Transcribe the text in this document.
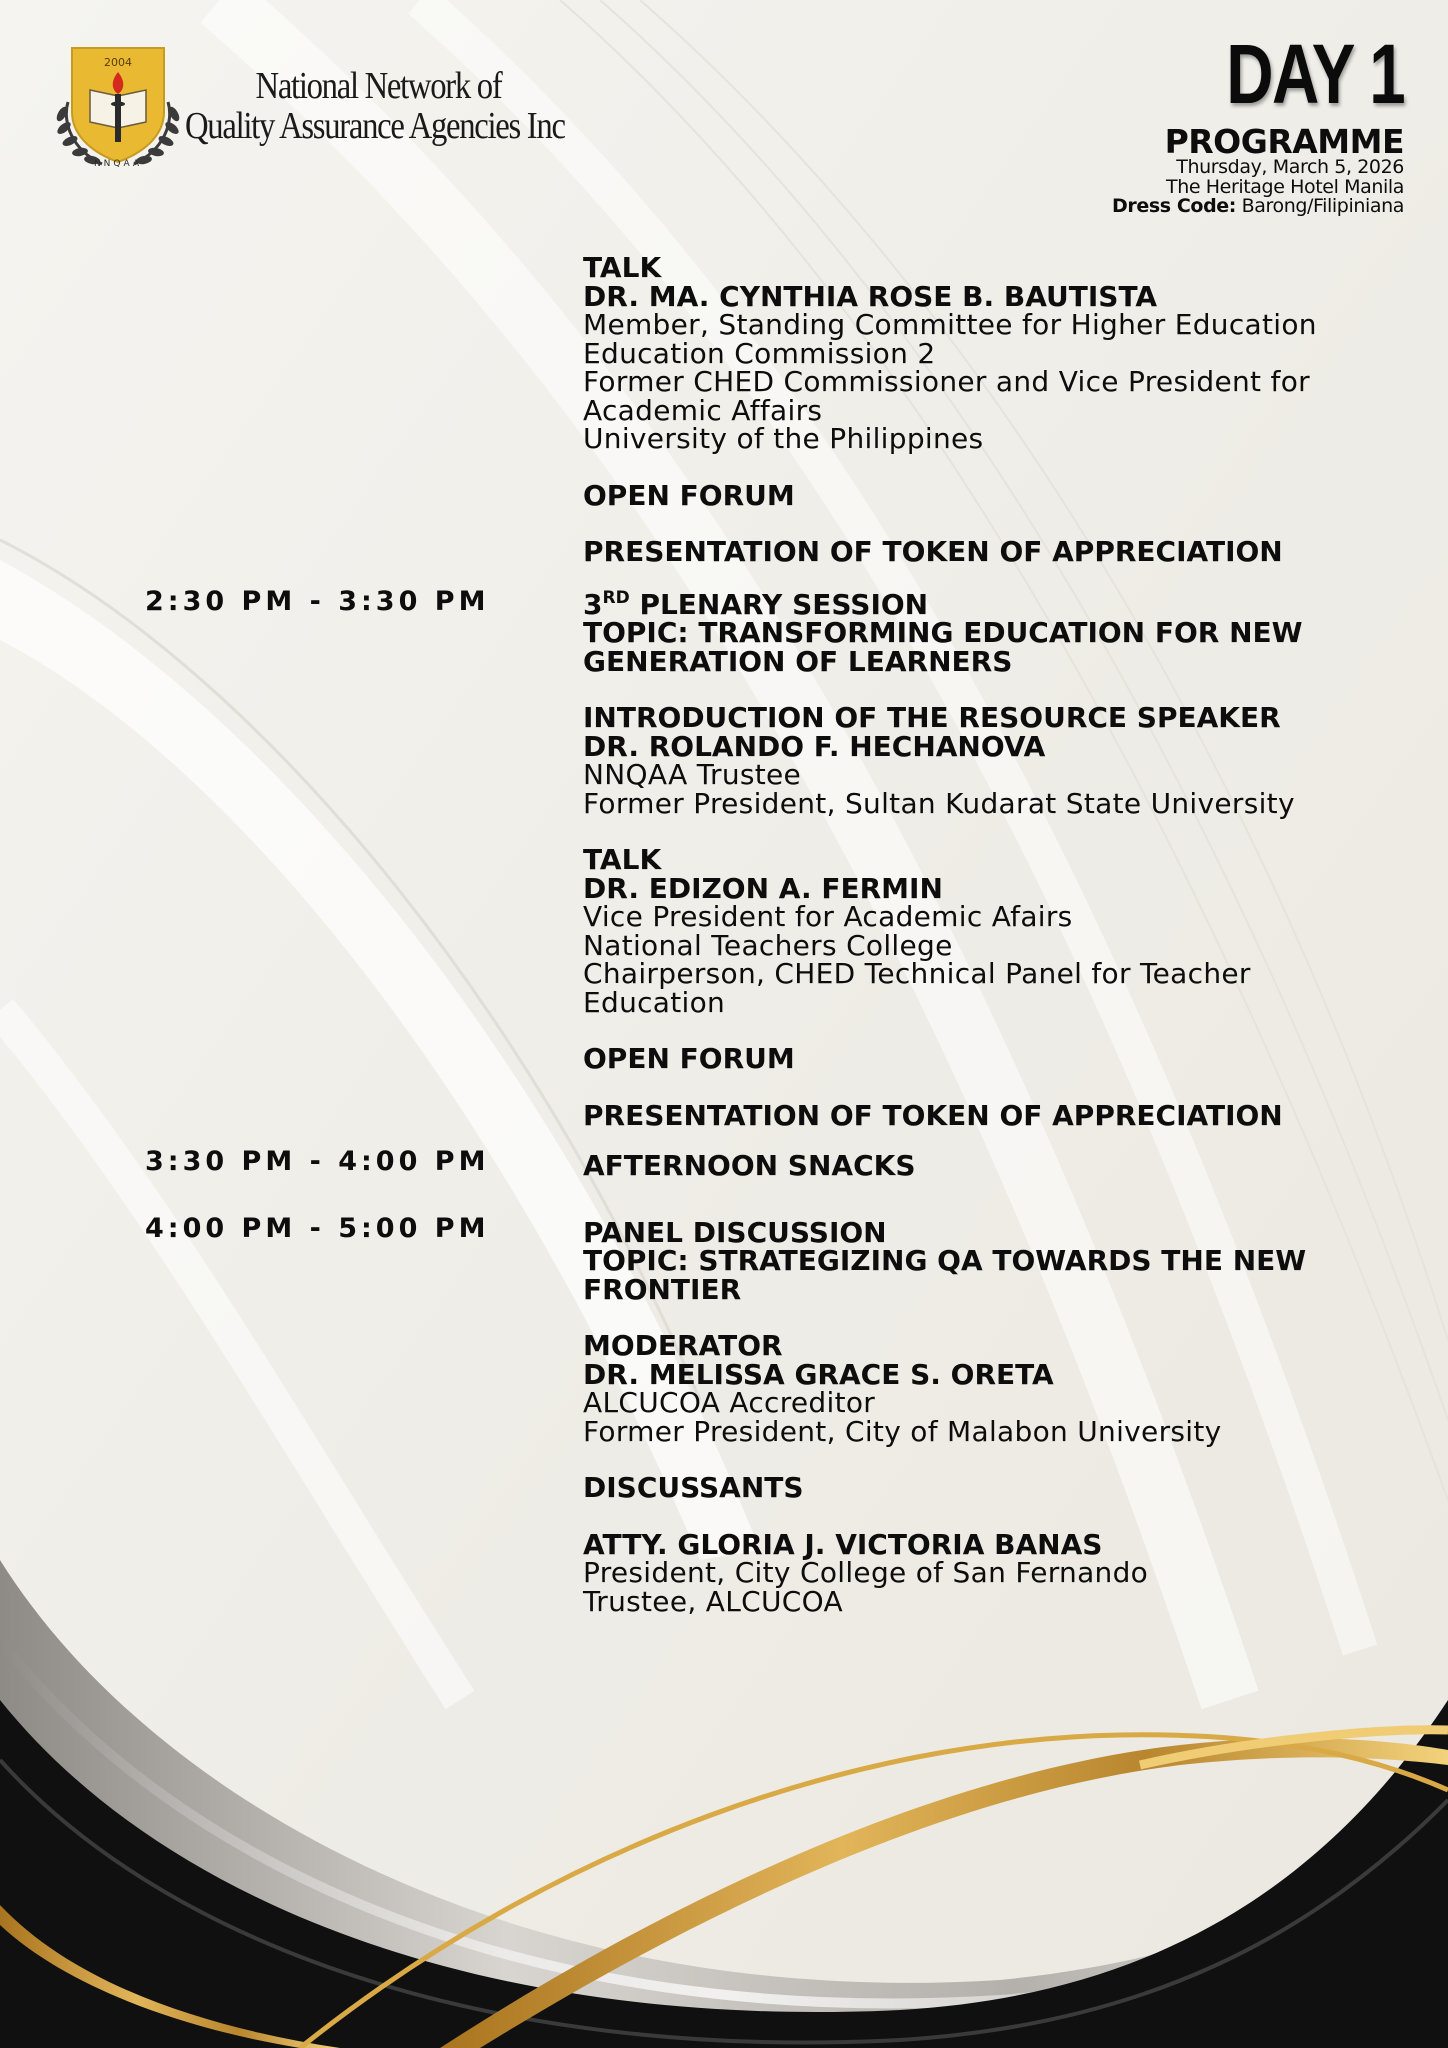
2004
NNQAA
National Network of
Quality Assurance Agencies Inc
DAY 1
PROGRAMME
Thursday, March 5, 2026
The Heritage Hotel Manila
Dress Code: Barong/Filipiniana
2:30 PM - 3:30 PM
3:30 PM - 4:00 PM
4:00 PM - 5:00 PM
TALK
DR. MA. CYNTHIA ROSE B. BAUTISTA
Member, Standing Committee for Higher Education
Education Commission 2
Former CHED Commissioner and Vice President for
Academic Affairs
University of the Philippines
OPEN FORUM
PRESENTATION OF TOKEN OF APPRECIATION
3RD PLENARY SESSION
TOPIC: TRANSFORMING EDUCATION FOR NEW
GENERATION OF LEARNERS
INTRODUCTION OF THE RESOURCE SPEAKER
DR. ROLANDO F. HECHANOVA
NNQAA Trustee
Former President, Sultan Kudarat State University
TALK
DR. EDIZON A. FERMIN
Vice President for Academic Afairs
National Teachers College
Chairperson, CHED Technical Panel for Teacher
Education
OPEN FORUM
PRESENTATION OF TOKEN OF APPRECIATION
AFTERNOON SNACKS
PANEL DISCUSSION
TOPIC: STRATEGIZING QA TOWARDS THE NEW
FRONTIER
MODERATOR
DR. MELISSA GRACE S. ORETA
ALCUCOA Accreditor
Former President, City of Malabon University
DISCUSSANTS
ATTY. GLORIA J. VICTORIA BANAS
President, City College of San Fernando
Trustee, ALCUCOA
